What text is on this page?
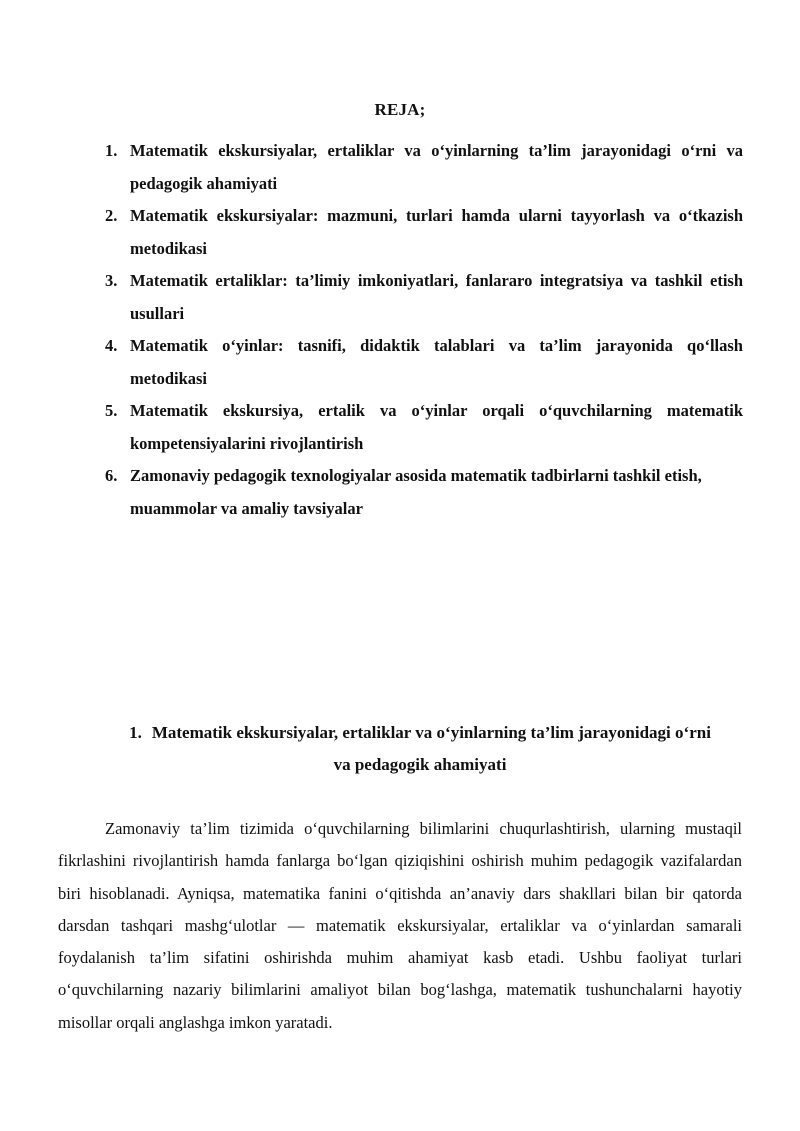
REJA;
1. Matematik ekskursiyalar, ertaliklar va o‘yinlarning ta’lim jarayonidagi o‘rni va pedagogik ahamiyati
2. Matematik ekskursiyalar: mazmuni, turlari hamda ularni tayyorlash va o‘tkazish metodikasi
3. Matematik ertaliklar: ta’limiy imkoniyatlari, fanlararo integratsiya va tashkil etish usullari
4. Matematik o‘yinlar: tasnifi, didaktik talablari va ta’lim jarayonida qo‘llash metodikasi
5. Matematik ekskursiya, ertalik va o‘yinlar orqali o‘quvchilarning matematik kompetensiyalarini rivojlantirish
6. Zamonaviy pedagogik texnologiyalar asosida matematik tadbirlarni tashkil etish, muammolar va amaliy tavsiyalar
1. Matematik ekskursiyalar, ertaliklar va o‘yinlarning ta’lim jarayonidagi o‘rni va pedagogik ahamiyati

Zamonaviy ta’lim tizimida o‘quvchilarning bilimlarini chuqurlashtirish, ularning mustaqil fikrlashini rivojlantirish hamda fanlarga bo‘lgan qiziqishini oshirish muhim pedagogik vazifalardan biri hisoblanadi. Ayniqsa, matematika fanini o‘qitishda an’anaviy dars shakllari bilan bir qatorda darsdan tashqari mashg‘ulotlar — matematik ekskursiyalar, ertaliklar va o‘yinlardan samarali foydalanish ta’lim sifatini oshirishda muhim ahamiyat kasb etadi. Ushbu faoliyat turlari o‘quvchilarning nazariy bilimlarini amaliyot bilan bog‘lashga, matematik tushunchalarni hayotiy misollar orqali anglashga imkon yaratadi.
